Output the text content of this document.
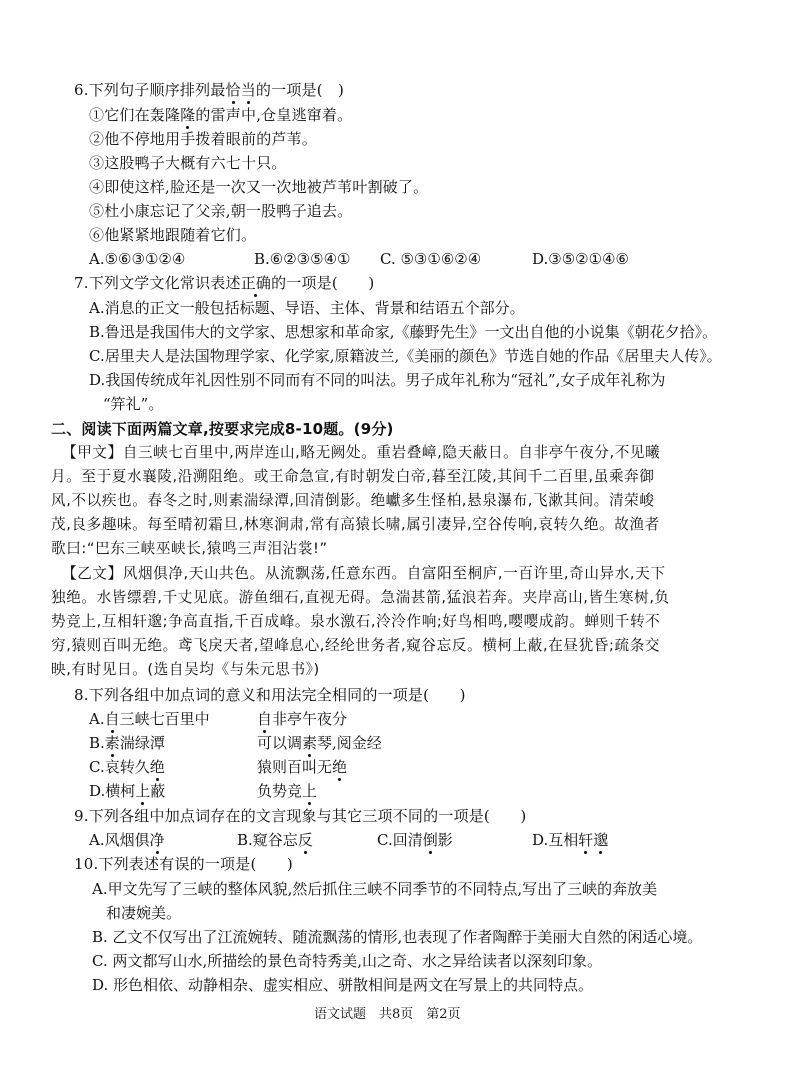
6.下列句子顺序排列最恰当的一项是(　)
①它们在轰隆隆的雷声中,仓皇逃窜着。
②他不停地用手拨着眼前的芦苇。
③这股鸭子大概有六七十只。
④即使这样,脸还是一次又一次地被芦苇叶割破了。
⑤杜小康忘记了父亲,朝一股鸭子追去。
⑥他紧紧地跟随着它们。
A.⑤⑥③①②④	B.⑥②③⑤④① C. ⑤③①⑥②④	D.③⑤②①④⑥
7.下列文学文化常识表述正确的一项是(　　)
A.消息的正文一般包括标题、导语、主体、背景和结语五个部分。
B.鲁迅是我国伟大的文学家、思想家和革命家,《藤野先生》一文出自他的小说集《朝花夕拾》。
C.居里夫人是法国物理学家、化学家,原籍波兰,《美丽的颜色》节选自她的作品《居里夫人传》。
D.我国传统成年礼因性别不同而有不同的叫法。男子成年礼称为“冠礼”,女子成年礼称为
“笄礼”。
二、阅读下面两篇文章,按要求完成8-10题。(9分)
【甲文】自三峡七百里中,两岸连山,略无阙处。重岩叠嶂,隐天蔽日。自非亭午夜分,不见曦
月。至于夏水襄陵,沿溯阻绝。或王命急宣,有时朝发白帝,暮至江陵,其间千二百里,虽乘奔御
风,不以疾也。春冬之时,则素湍绿潭,回清倒影。绝巘多生怪柏,悬泉瀑布,飞漱其间。清荣峻
茂,良多趣味。每至晴初霜旦,林寒涧肃,常有高猿长啸,属引凄异,空谷传响,哀转久绝。故渔者
歌曰:“巴东三峡巫峡长,猿鸣三声泪沾裳!”
【乙文】风烟俱净,天山共色。从流飘荡,任意东西。自富阳至桐庐,一百许里,奇山异水,天下
独绝。水皆缥碧,千丈见底。游鱼细石,直视无碍。急湍甚箭,猛浪若奔。夹岸高山,皆生寒树,负
势竞上,互相轩邈;争高直指,千百成峰。泉水激石,泠泠作响;好鸟相鸣,嘤嘤成韵。蝉则千转不
穷,猿则百叫无绝。鸢飞戾天者,望峰息心,经纶世务者,窥谷忘反。横柯上蔽,在昼犹昏;疏条交
映,有时见日。(选自吴均《与朱元思书》)
8.下列各组中加点词的意义和用法完全相同的一项是(　　)
A.自三峡七百里中	自非亭午夜分
B.素湍绿潭	可以调素琴,阅金经
C.哀转久绝	猿则百叫无绝
D.横柯上蔽	负势竞上
9.下列各组中加点词存在的文言现象与其它三项不同的一项是(　　)
A.风烟俱净	B.窥谷忘反	C.回清倒影	D.互相轩邈
10.下列表述有误的一项是(　　)
A.甲文先写了三峡的整体风貌,然后抓住三峡不同季节的不同特点,写出了三峡的奔放美
和凄婉美。
B. 乙文不仅写出了江流婉转、随流飘荡的情形,也表现了作者陶醉于美丽大自然的闲适心境。
C. 两文都写山水,所描绘的景色奇特秀美,山之奇、水之异给读者以深刻印象。
D. 形色相依、动静相杂、虚实相应、骈散相间是两文在写景上的共同特点。
语文试题　共8页　第2页
